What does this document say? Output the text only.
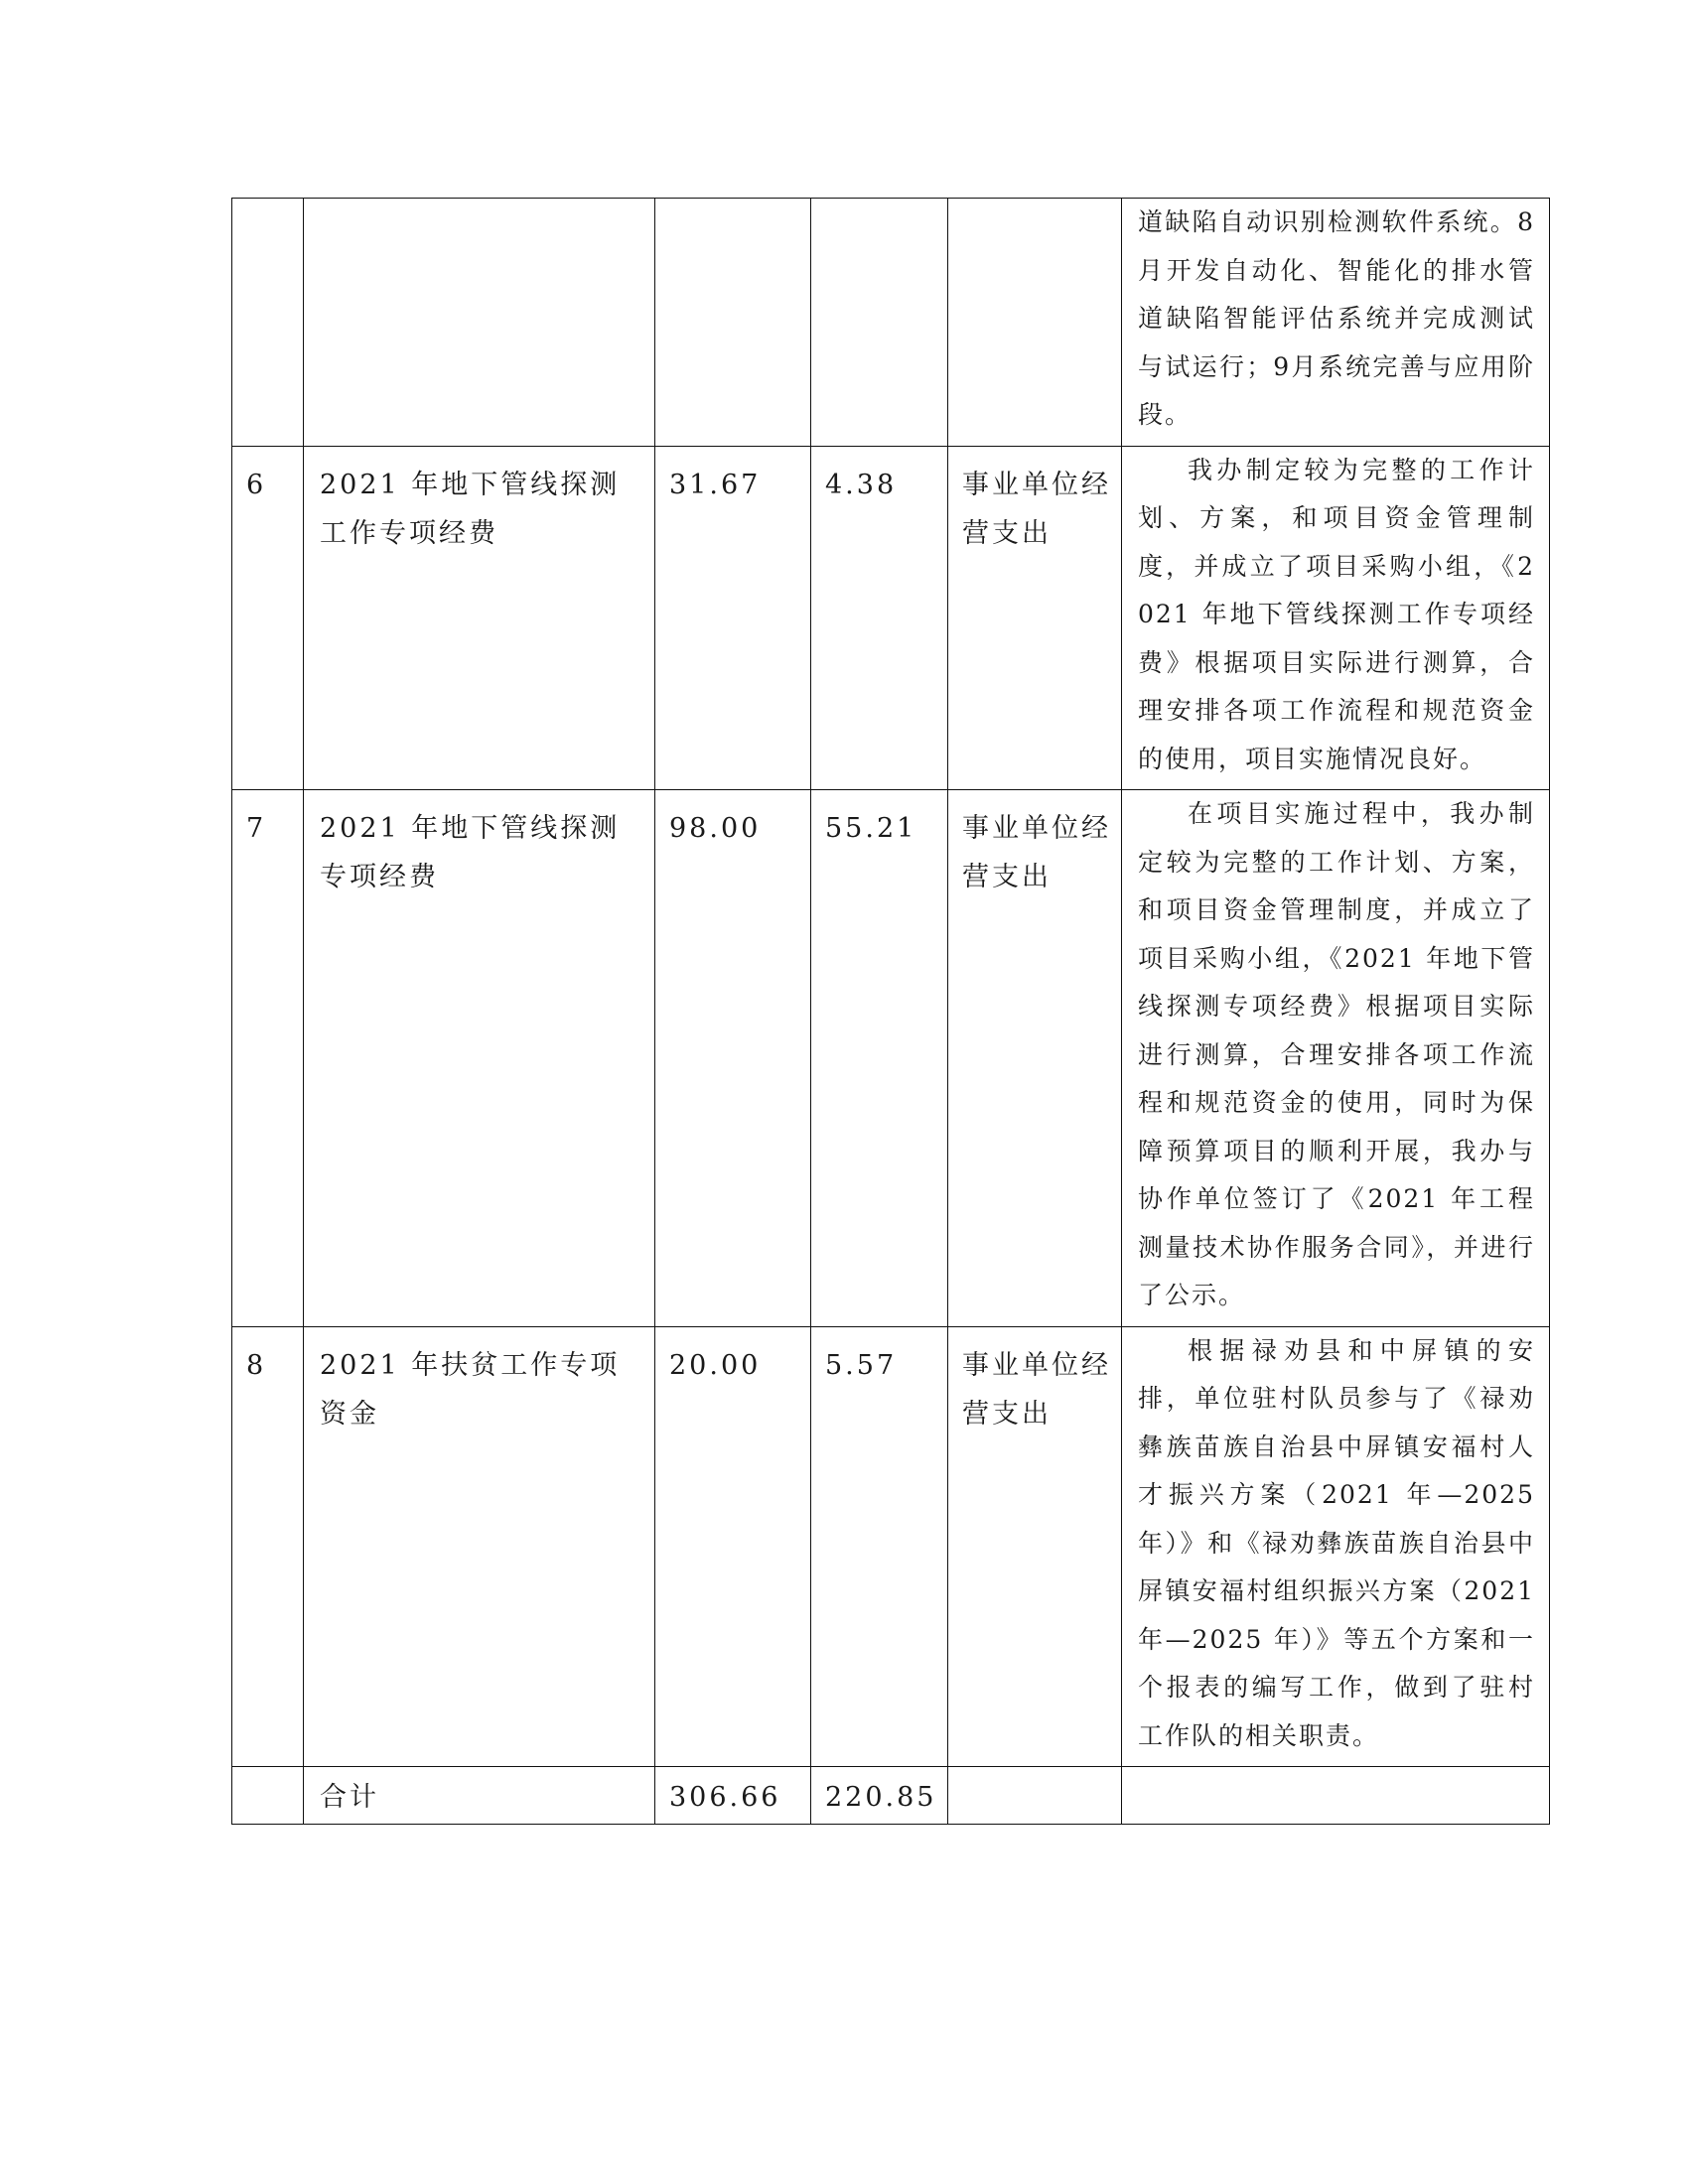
					道缺陷自动识别检测软件系统。8月开发自动化、智能化的排水管道缺陷智能评估系统并完成测试与试运行；9月系统完善与应用阶段。
6	2021 年地下管线探测工作专项经费	31.67	4.38	事业单位经营支出	我办制定较为完整的工作计划、方案，和项目资金管理制度，并成立了项目采购小组，《2021 年地下管线探测工作专项经费》根据项目实际进行测算，合理安排各项工作流程和规范资金的使用，项目实施情况良好。
7	2021 年地下管线探测专项经费	98.00	55.21	事业单位经营支出	在项目实施过程中，我办制定较为完整的工作计划、方案，和项目资金管理制度，并成立了项目采购小组，《2021 年地下管线探测专项经费》根据项目实际进行测算，合理安排各项工作流程和规范资金的使用，同时为保障预算项目的顺利开展，我办与协作单位签订了《2021 年工程测量技术协作服务合同》，并进行了公示。
8	2021 年扶贫工作专项资金	20.00	5.57	事业单位经营支出	根据禄劝县和中屏镇的安排，单位驻村队员参与了《禄劝彝族苗族自治县中屏镇安福村人才振兴方案（2021 年—2025 年）》和《禄劝彝族苗族自治县中屏镇安福村组织振兴方案（2021 年—2025 年）》等五个方案和一个报表的编写工作，做到了驻村工作队的相关职责。
	合计	306.66	220.85		
